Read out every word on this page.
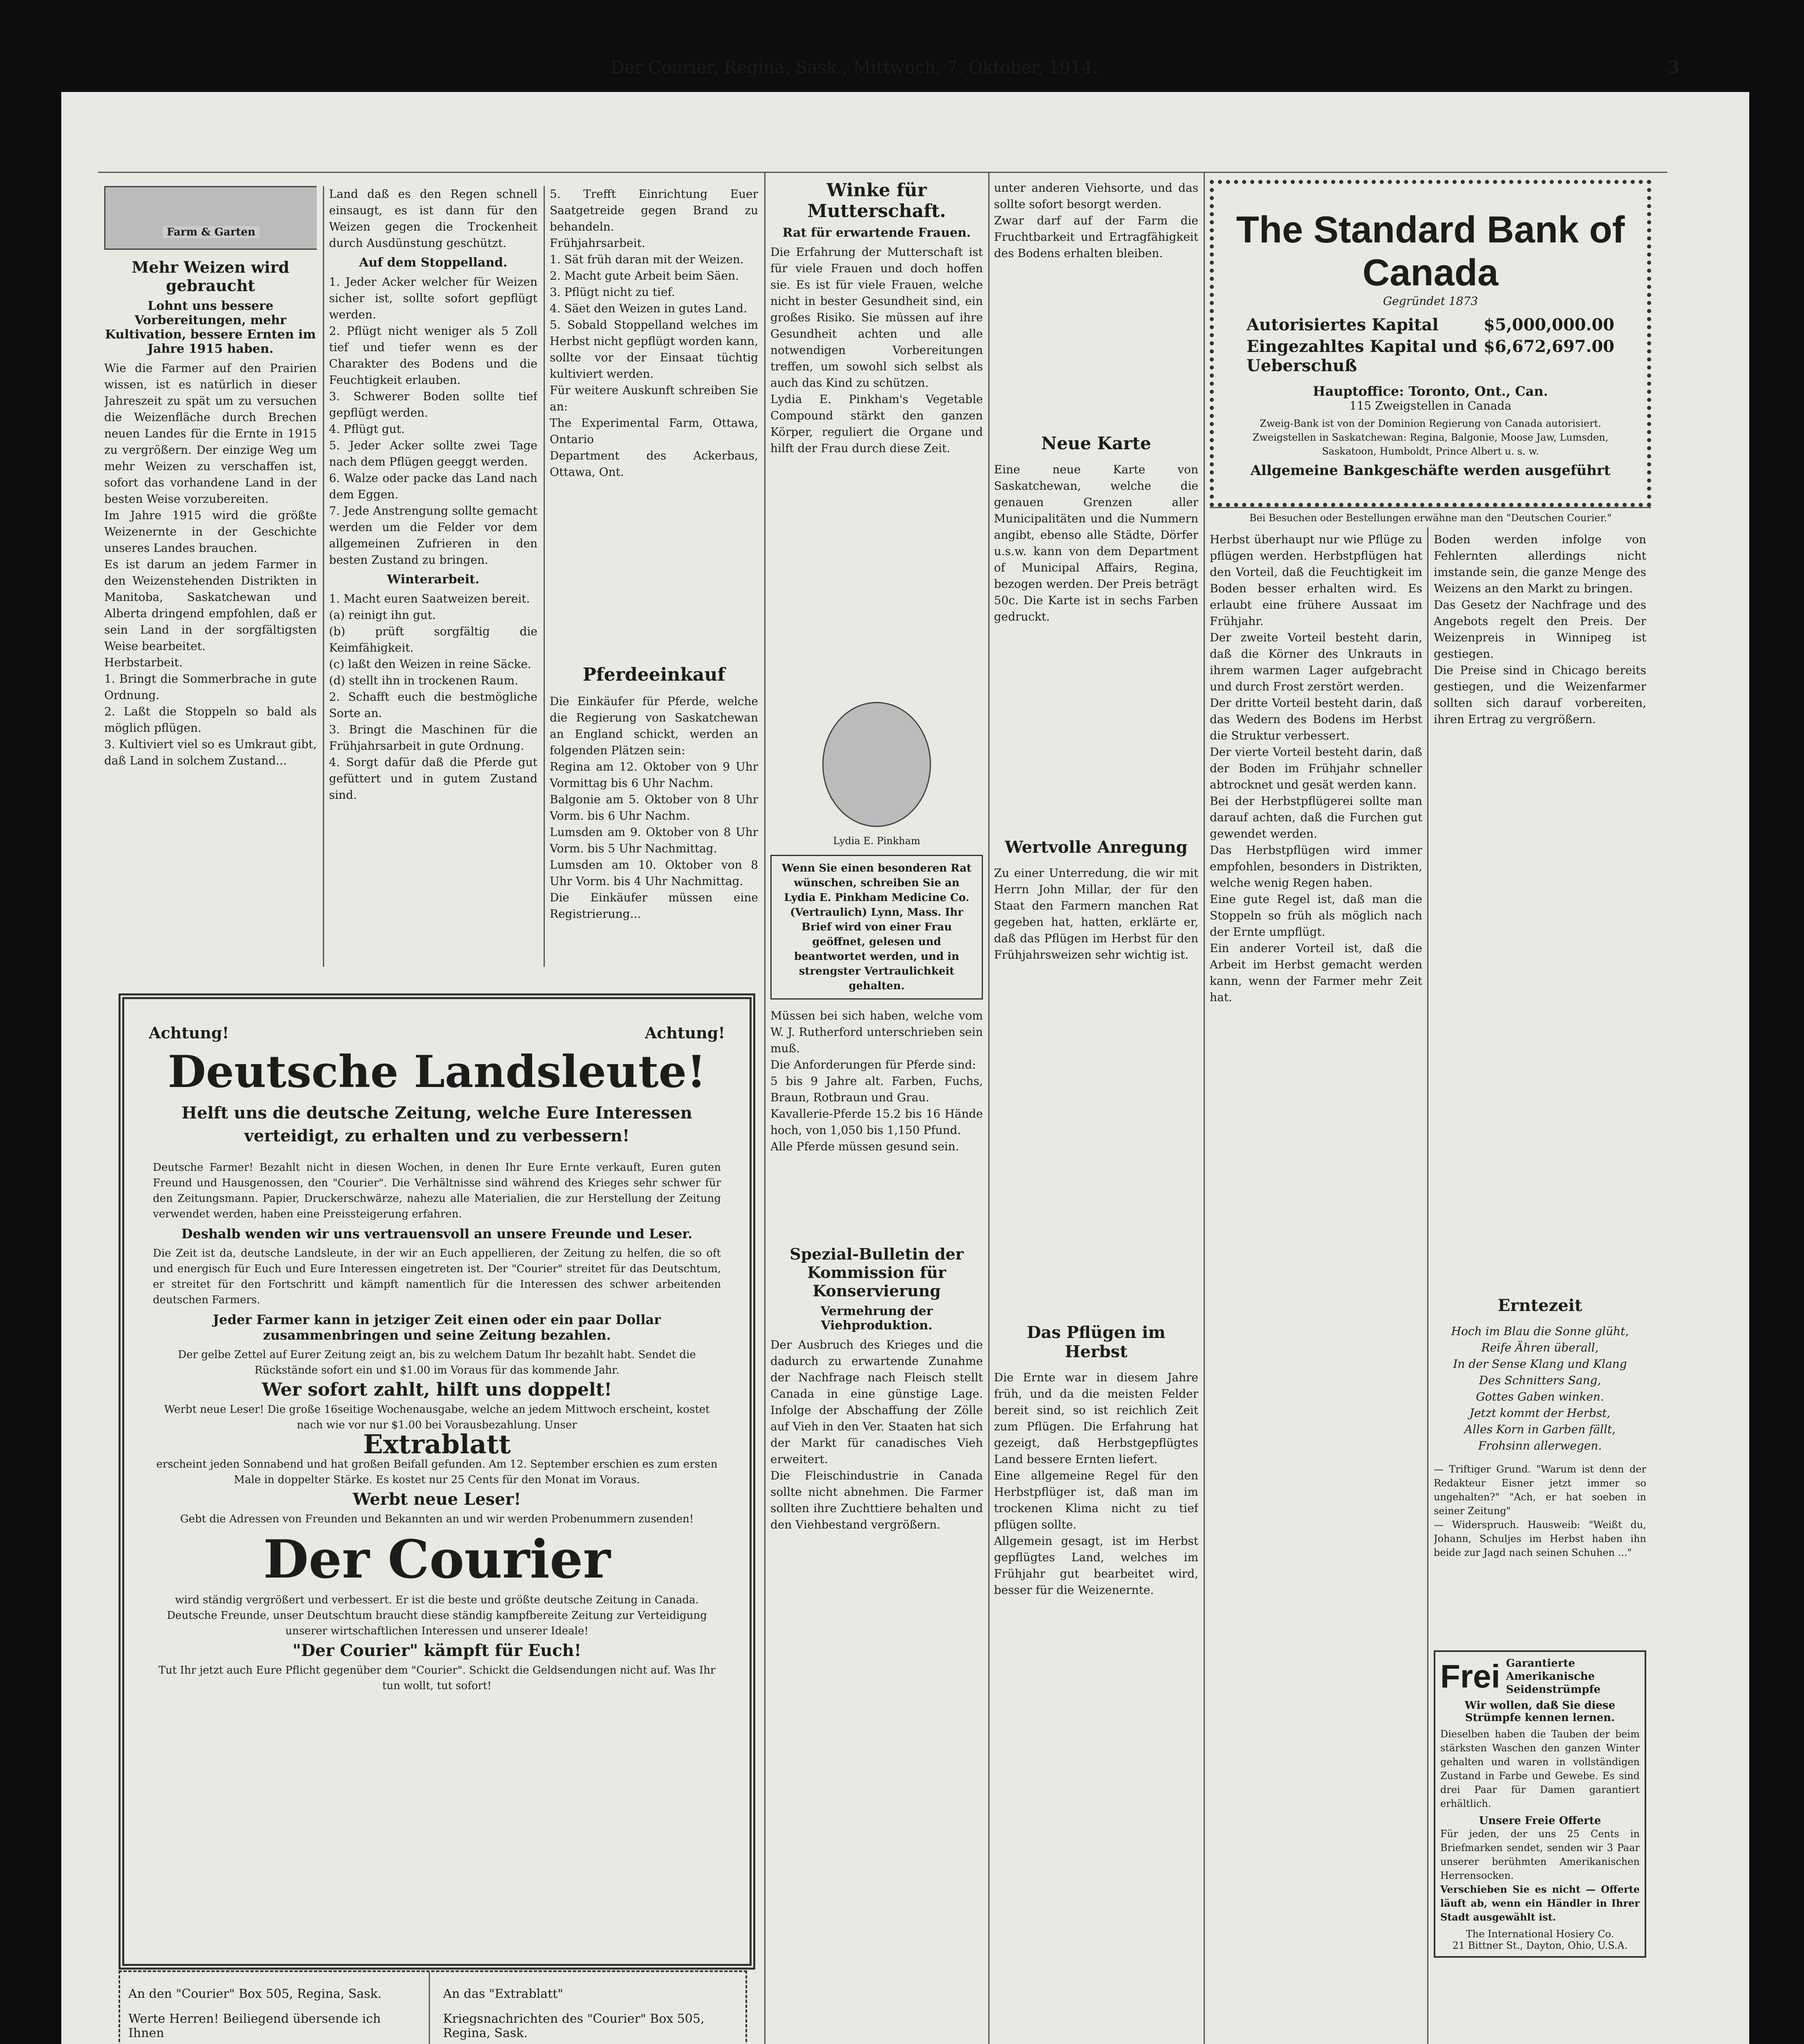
Der Courier, Regina, Sask., Mittwoch, 7. Oktober, 1914.	3
Farm & Garten
Mehr Weizen wird gebraucht
Lohnt uns bessere Vorbereitungen, mehr Kultivation, bessere Ernten im Jahre 1915 haben.

Wie die Farmer auf den Prairien wissen, ist es natürlich in dieser Jahreszeit zu spät um zu versuchen die Weizenfläche durch Brechen neuen Landes für die Ernte in 1915 zu vergrößern. Der einzige Weg um mehr Weizen zu verschaffen ist, sofort das vorhandene Land in der besten Weise vorzubereiten.
Im Jahre 1915 wird die größte Weizenernte in der Geschichte unseres Landes brauchen.
Es ist darum an jedem Farmer in den Weizenstehenden Distrikten in Manitoba, Saskatchewan und Alberta dringend empfohlen, daß er sein Land in der sorgfältigsten Weise bearbeitet.
Herbstarbeit.
1. Bringt die Sommerbrache in gute Ordnung.
2. Laßt die Stoppeln so bald als möglich pflügen.
3. Kultiviert viel so es Umkraut gibt, daß Land in solchem Zustand...

Land daß es den Regen schnell einsaugt, es ist dann für den Weizen gegen die Trockenheit durch Ausdünstung geschützt.

Auf dem Stoppelland.

1. Jeder Acker welcher für Weizen sicher ist, sollte sofort gepflügt werden.
2. Pflügt nicht weniger als 5 Zoll tief und tiefer wenn es der Charakter des Bodens und die Feuchtigkeit erlauben.
3. Schwerer Boden sollte tief gepflügt werden.
4. Pflügt gut.
5. Jeder Acker sollte zwei Tage nach dem Pflügen geeggt werden.
6. Walze oder packe das Land nach dem Eggen.
7. Jede Anstrengung sollte gemacht werden um die Felder vor dem allgemeinen Zufrieren in den besten Zustand zu bringen.

Winterarbeit.

1. Macht euren Saatweizen bereit.
(a) reinigt ihn gut.
(b) prüft sorgfältig die Keimfähigkeit.
(c) laßt den Weizen in reine Säcke.
(d) stellt ihn in trockenen Raum.
2. Schafft euch die bestmögliche Sorte an.
3. Bringt die Maschinen für die Frühjahrsarbeit in gute Ordnung.
4. Sorgt dafür daß die Pferde gut gefüttert und in gutem Zustand sind.

5. Trefft Einrichtung Euer Saatgetreide gegen Brand zu behandeln.
Frühjahrsarbeit.
1. Sät früh daran mit der Weizen.
2. Macht gute Arbeit beim Säen.
3. Pflügt nicht zu tief.
4. Säet den Weizen in gutes Land.
5. Sobald Stoppelland welches im Herbst nicht gepflügt worden kann, sollte vor der Einsaat tüchtig kultiviert werden.
Für weitere Auskunft schreiben Sie an:
The Experimental Farm, Ottawa, Ontario
Department des Ackerbaus, Ottawa, Ont.

Pferdeeinkauf

Die Einkäufer für Pferde, welche die Regierung von Saskatchewan an England schickt, werden an folgenden Plätzen sein:
Regina am 12. Oktober von 9 Uhr Vormittag bis 6 Uhr Nachm.
Balgonie am 5. Oktober von 8 Uhr Vorm. bis 6 Uhr Nachm.
Lumsden am 9. Oktober von 8 Uhr Vorm. bis 5 Uhr Nachmittag.
Lumsden am 10. Oktober von 8 Uhr Vorm. bis 4 Uhr Nachmittag.
Die Einkäufer müssen eine Registrierung...

Winke für Mutterschaft.
Rat für erwartende Frauen.

Die Erfahrung der Mutterschaft ist für viele Frauen und doch hoffen sie. Es ist für viele Frauen, welche nicht in bester Gesundheit sind, ein großes Risiko. Sie müssen auf ihre Gesundheit achten und alle notwendigen Vorbereitungen treffen, um sowohl sich selbst als auch das Kind zu schützen.
Lydia E. Pinkham's Vegetable Compound stärkt den ganzen Körper, reguliert die Organe und hilft der Frau durch diese Zeit.

Lydia E. Pinkham
Wenn Sie einen besonderen Rat wünschen, schreiben Sie an Lydia E. Pinkham Medicine Co. (Vertraulich) Lynn, Mass. Ihr Brief wird von einer Frau geöffnet, gelesen und beantwortet werden, und in strengster Vertraulichkeit gehalten.

Müssen bei sich haben, welche vom W. J. Rutherford unterschrieben sein muß.
Die Anforderungen für Pferde sind:
5 bis 9 Jahre alt. Farben, Fuchs, Braun, Rotbraun und Grau.
Kavallerie-Pferde 15.2 bis 16 Hände hoch, von 1,050 bis 1,150 Pfund.
Alle Pferde müssen gesund sein.

Spezial-Bulletin der Kommission für Konservierung
Vermehrung der Viehproduktion.

Der Ausbruch des Krieges und die dadurch zu erwartende Zunahme der Nachfrage nach Fleisch stellt Canada in eine günstige Lage. Infolge der Abschaffung der Zölle auf Vieh in den Ver. Staaten hat sich der Markt für canadisches Vieh erweitert.
Die Fleischindustrie in Canada sollte nicht abnehmen. Die Farmer sollten ihre Zuchttiere behalten und den Viehbestand vergrößern.

unter anderen Viehsorte, und das sollte sofort besorgt werden.
Zwar darf auf der Farm die Fruchtbarkeit und Ertragfähigkeit des Bodens erhalten bleiben.

Neue Karte

Eine neue Karte von Saskatchewan, welche die genauen Grenzen aller Municipalitäten und die Nummern angibt, ebenso alle Städte, Dörfer u.s.w. kann von dem Department of Municipal Affairs, Regina, bezogen werden. Der Preis beträgt 50c. Die Karte ist in sechs Farben gedruckt.

Wertvolle Anregung

Zu einer Unterredung, die wir mit Herrn John Millar, der für den Staat den Farmern manchen Rat gegeben hat, hatten, erklärte er, daß das Pflügen im Herbst für den Frühjahrsweizen sehr wichtig ist.

Das Pflügen im Herbst

Die Ernte war in diesem Jahre früh, und da die meisten Felder bereit sind, so ist reichlich Zeit zum Pflügen. Die Erfahrung hat gezeigt, daß Herbstgepflügtes Land bessere Ernten liefert.
Eine allgemeine Regel für den Herbstpflüger ist, daß man im trockenen Klima nicht zu tief pflügen sollte.
Allgemein gesagt, ist im Herbst gepflügtes Land, welches im Frühjahr gut bearbeitet wird, besser für die Weizenernte.

The Standard Bank of Canada
Gegründet 1873
Autorisiertes Kapital	$5,000,000.00
Eingezahltes Kapital und Ueberschuß
$6,672,697.00
Hauptoffice: Toronto, Ont., Can.
115 Zweigstellen in Canada
Zweig-Bank ist von der Dominion Regierung von Canada autorisiert. Zweigstellen in Saskatchewan: Regina, Balgonie, Moose Jaw, Lumsden, Saskatoon, Humboldt, Prince Albert u. s. w.
Allgemeine Bankgeschäfte werden ausgeführt
Bei Besuchen oder Bestellungen erwähne man den "Deutschen Courier."

Herbst überhaupt nur wie Pflüge zu pflügen werden. Herbstpflügen hat den Vorteil, daß die Feuchtigkeit im Boden besser erhalten wird. Es erlaubt eine frühere Aussaat im Frühjahr.
Der zweite Vorteil besteht darin, daß die Körner des Unkrauts in ihrem warmen Lager aufgebracht und durch Frost zerstört werden.
Der dritte Vorteil besteht darin, daß das Wedern des Bodens im Herbst die Struktur verbessert.
Der vierte Vorteil besteht darin, daß der Boden im Frühjahr schneller abtrocknet und gesät werden kann.
Bei der Herbstpflügerei sollte man darauf achten, daß die Furchen gut gewendet werden.
Das Herbstpflügen wird immer empfohlen, besonders in Distrikten, welche wenig Regen haben.
Eine gute Regel ist, daß man die Stoppeln so früh als möglich nach der Ernte umpflügt.
Ein anderer Vorteil ist, daß die Arbeit im Herbst gemacht werden kann, wenn der Farmer mehr Zeit hat.

Boden werden infolge von Fehlernten allerdings nicht imstande sein, die ganze Menge des Weizens an den Markt zu bringen.
Das Gesetz der Nachfrage und des Angebots regelt den Preis. Der Weizenpreis in Winnipeg ist gestiegen.
Die Preise sind in Chicago bereits gestiegen, und die Weizenfarmer sollten sich darauf vorbereiten, ihren Ertrag zu vergrößern.

Erntezeit

Hoch im Blau die Sonne glüht,
Reife Ähren überall,
In der Sense Klang und Klang
Des Schnitters Sang,
Gottes Gaben winken.
Jetzt kommt der Herbst,
Alles Korn in Garben fällt,
Frohsinn allerwegen.

— Triftiger Grund. "Warum ist denn der Redakteur Eisner jetzt immer so ungehalten?" "Ach, er hat soeben in seiner Zeitung"
— Widerspruch. Hausweib: "Weißt du, Johann, Schuljes im Herbst haben ihn beide zur Jagd nach seinen Schuhen ..."

Frei Garantierte Amerikanische Seidenstrümpfe
Wir wollen, daß Sie diese Strümpfe kennen lernen.

Dieselben haben die Tauben der beim stärksten Waschen den ganzen Winter gehalten und waren in vollständigen Zustand in Farbe und Gewebe. Es sind drei Paar für Damen garantiert erhältlich.

Unsere Freie Offerte

Für jeden, der uns 25 Cents in Briefmarken sendet, senden wir 3 Paar unserer berühmten Amerikanischen Herrensocken.

Verschieben Sie es nicht — Offerte läuft ab, wenn ein Händler in Ihrer Stadt ausgewählt ist.

The International Hosiery Co.
21 Bittner St., Dayton, Ohio, U.S.A.
Achtung!	Achtung!
Deutsche Landsleute!
Helft uns die deutsche Zeitung, welche Eure Interessen verteidigt, zu erhalten und zu verbessern!

Deutsche Farmer! Bezahlt nicht in diesen Wochen, in denen Ihr Eure Ernte verkauft, Euren guten Freund und Hausgenossen, den "Courier". Die Verhältnisse sind während des Krieges sehr schwer für den Zeitungsmann. Papier, Druckerschwärze, nahezu alle Materialien, die zur Herstellung der Zeitung verwendet werden, haben eine Preissteigerung erfahren.

Deshalb wenden wir uns vertrauensvoll an unsere Freunde und Leser.

Die Zeit ist da, deutsche Landsleute, in der wir an Euch appellieren, der Zeitung zu helfen, die so oft und energisch für Euch und Eure Interessen eingetreten ist. Der "Courier" streitet für das Deutschtum, er streitet für den Fortschritt und kämpft namentlich für die Interessen des schwer arbeitenden deutschen Farmers.

Jeder Farmer kann in jetziger Zeit einen oder ein paar Dollar zusammenbringen und seine Zeitung bezahlen.

Der gelbe Zettel auf Eurer Zeitung zeigt an, bis zu welchem Datum Ihr bezahlt habt. Sendet die Rückstände sofort ein und $1.00 im Voraus für das kommende Jahr.

Wer sofort zahlt, hilft uns doppelt!

Werbt neue Leser! Die große 16seitige Wochenausgabe, welche an jedem Mittwoch erscheint, kostet nach wie vor nur $1.00 bei Vorausbezahlung. Unser

Extrablatt

erscheint jeden Sonnabend und hat großen Beifall gefunden. Am 12. September erschien es zum ersten Male in doppelter Stärke. Es kostet nur 25 Cents für den Monat im Voraus.

Werbt neue Leser!

Gebt die Adressen von Freunden und Bekannten an und wir werden Probenummern zusenden!

Der Courier

wird ständig vergrößert und verbessert. Er ist die beste und größte deutsche Zeitung in Canada. Deutsche Freunde, unser Deutschtum braucht diese ständig kampfbereite Zeitung zur Verteidigung unserer wirtschaftlichen Interessen und unserer Ideale!

"Der Courier" kämpft für Euch!

Tut Ihr jetzt auch Eure Pflicht gegenüber dem "Courier". Schickt die Geldsendungen nicht auf. Was Ihr tun wollt, tut sofort!

An den "Courier" Box 505, Regina, Sask.
Werte Herren! Beiliegend übersende ich Ihnen
An das "Extrablatt"
Kriegsnachrichten des "Courier" Box 505, Regina, Sask.
